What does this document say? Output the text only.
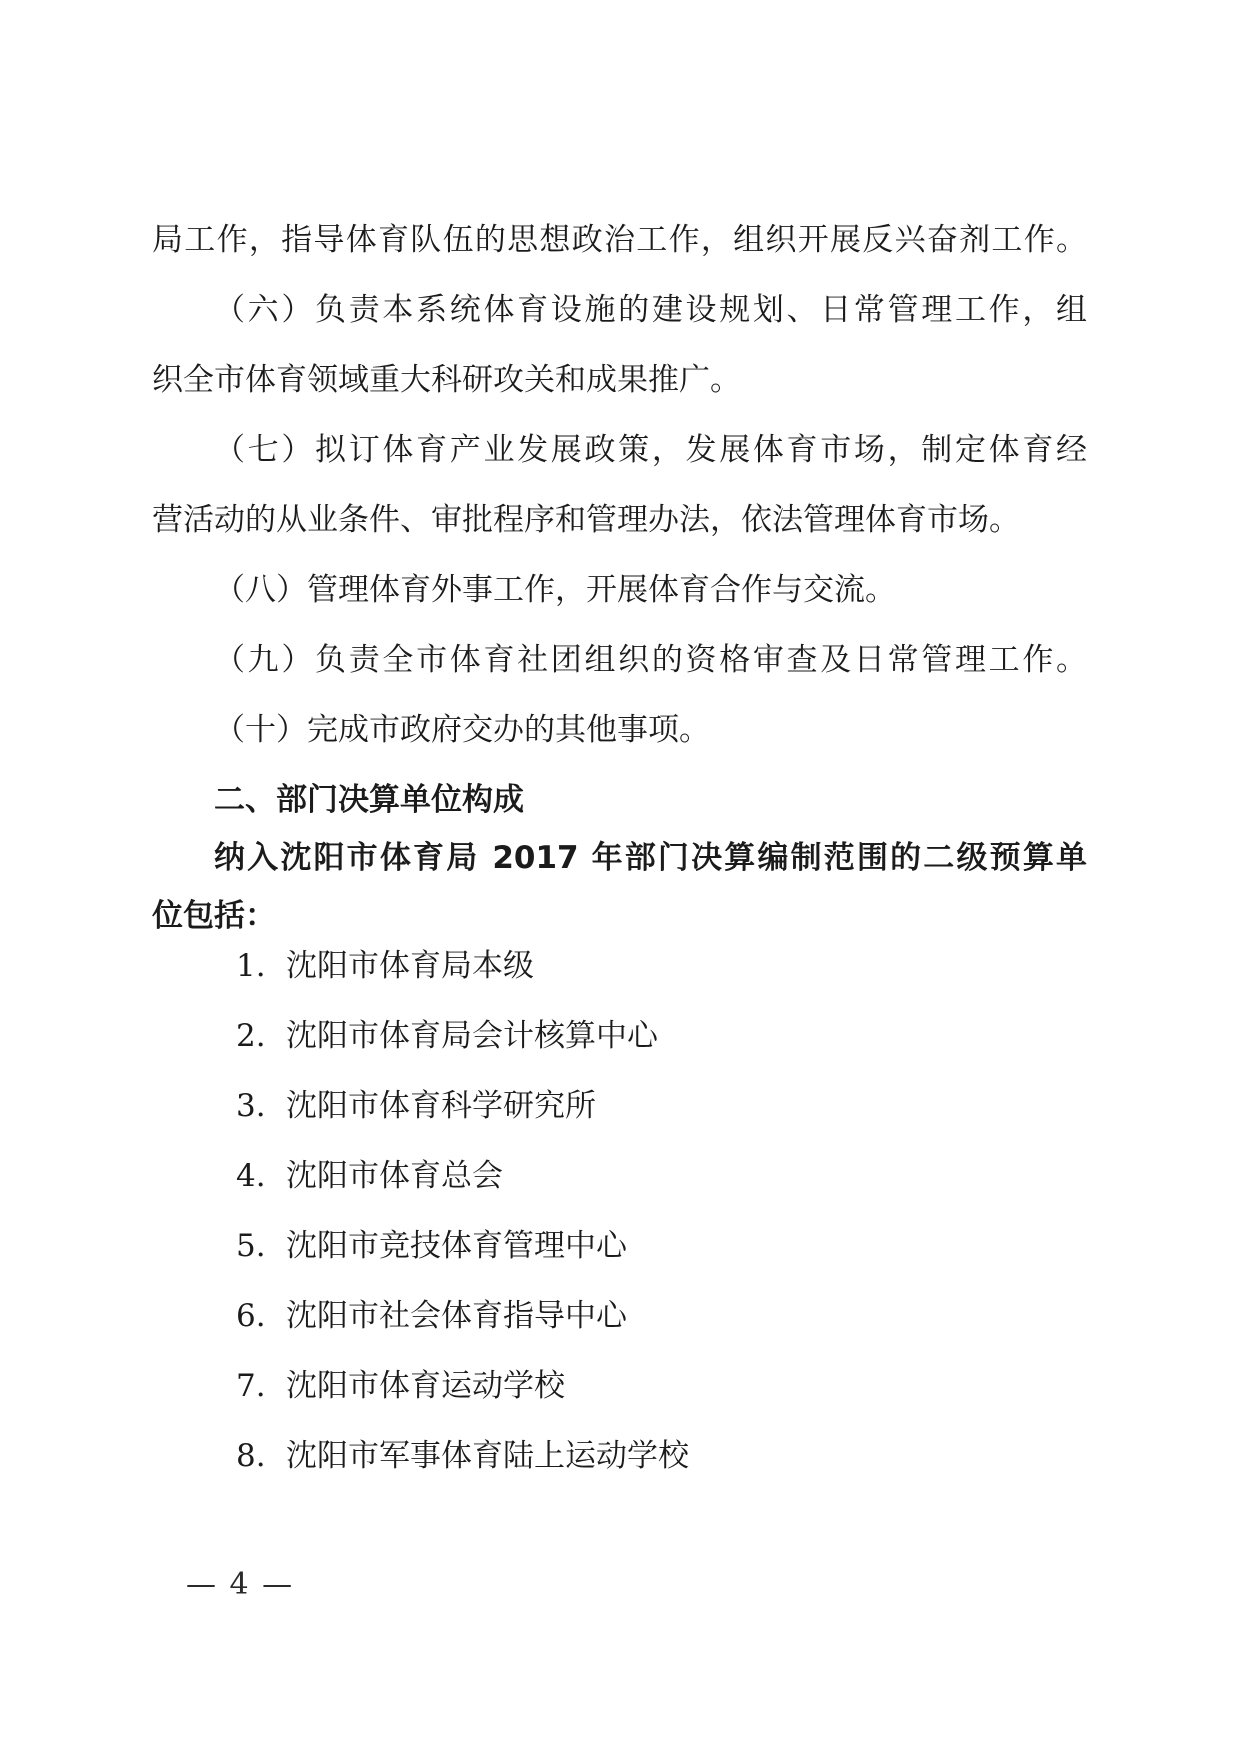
局工作，指导体育队伍的思想政治工作，组织开展反兴奋剂工作。
（六）负责本系统体育设施的建设规划、日常管理工作，组
织全市体育领域重大科研攻关和成果推广。
（七）拟订体育产业发展政策，发展体育市场，制定体育经
营活动的从业条件、审批程序和管理办法，依法管理体育市场。
（八）管理体育外事工作，开展体育合作与交流。
（九）负责全市体育社团组织的资格审查及日常管理工作。
（十）完成市政府交办的其他事项。
二、部门决算单位构成
纳入沈阳市体育局 2017 年部门决算编制范围的二级预算单
位包括：
1. 沈阳市体育局本级
2. 沈阳市体育局会计核算中心
3. 沈阳市体育科学研究所
4. 沈阳市体育总会
5. 沈阳市竞技体育管理中心
6. 沈阳市社会体育指导中心
7. 沈阳市体育运动学校
8. 沈阳市军事体育陆上运动学校
— 4 —
